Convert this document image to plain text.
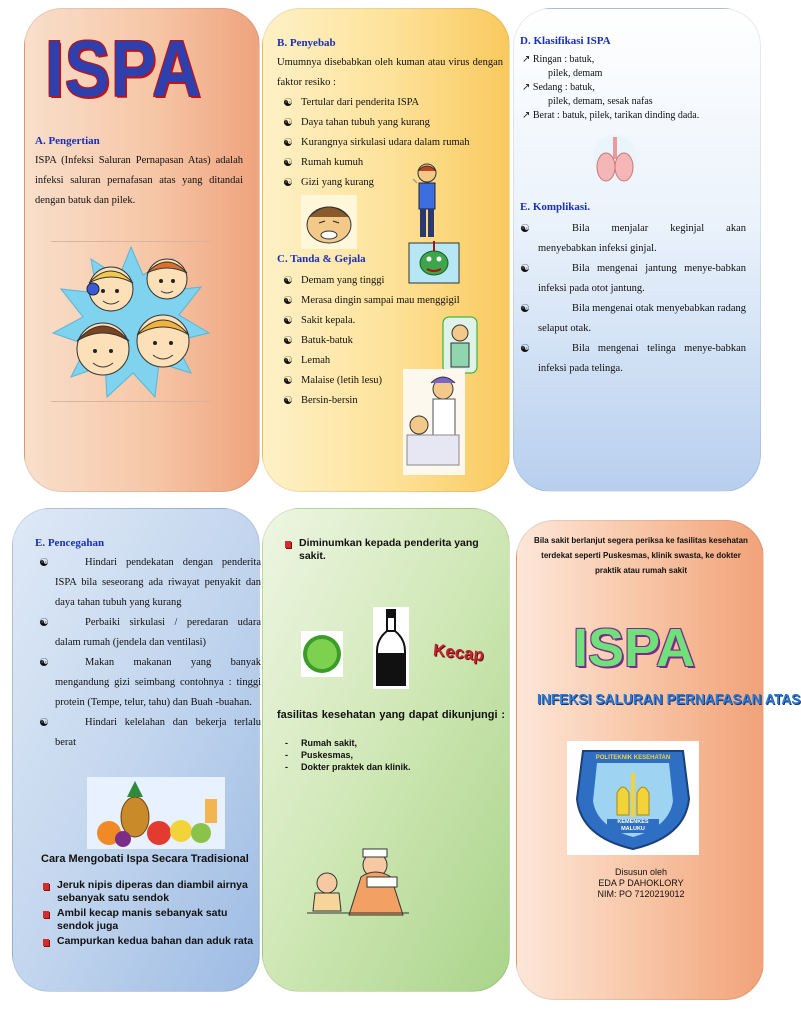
ISPA
A. Pengertian
ISPA (Infeksi Saluran Pernapasan Atas) adalah infeksi saluran pernafasan atas yang ditandai dengan batuk dan pilek.
B. Penyebab
Umumnya disebabkan oleh kuman atau virus dengan faktor resiko :
☯ Tertular dari penderita ISPA
☯ Daya tahan tubuh yang kurang
☯ Kurangnya sirkulasi udara dalam rumah
☯ Rumah kumuh
☯ Gizi yang kurang
C. Tanda & Gejala
☯ Demam yang tinggi
☯ Merasa dingin sampai mau menggigil
☯ Sakit kepala.
☯ Batuk-batuk
☯ Lemah
☯ Malaise (letih lesu)
☯ Bersin-bersin
D. Klasifikasi ISPA
↗ Ringan : batuk,
pilek, demam
↗ Sedang : batuk,
pilek, demam, sesak nafas
↗ Berat : batuk, pilek, tarikan dinding dada.
E. Komplikasi.
☯	Bila menjalar keginjal akan menyebabkan infeksi ginjal.
☯	Bila mengenai jantung menye-babkan infeksi pada otot jantung.
☯	Bila mengenai otak menyebabkan radang selaput otak.
☯	Bila mengenai telinga menye-babkan infeksi pada telinga.
E. Pencegahan
☯	Hindari pendekatan dengan penderita ISPA bila seseorang ada riwayat penyakit dan daya tahan tubuh yang kurang
☯	Perbaiki sirkulasi / peredaran udara dalam rumah (jendela dan ventilasi)
☯	Makan makanan yang banyak mengandung gizi seimbang contohnya : tinggi protein (Tempe, telur, tahu) dan Buah -buahan.
☯	Hindari kelelahan dan bekerja terlalu berat
Cara Mengobati Ispa Secara Tradisional
Jeruk nipis diperas dan diambil airnya sebanyak satu sendok
Ambil kecap manis sebanyak satu sendok juga
Campurkan kedua bahan dan aduk rata
Diminumkan kepada penderita yang sakit.
Kecap
fasilitas kesehatan yang dapat dikunjungi :
- Rumah sakit,
- Puskesmas,
- Dokter praktek dan klinik.
Bila sakit berlanjut segera periksa ke fasilitas kesehatan terdekat seperti Puskesmas, klinik swasta, ke dokter praktik atau rumah sakit
ISPA
INFEKSI SALURAN PERNAFASAN ATAS
POLITEKNIK KESEHATAN
KEMENKES
MALUKU
Disusun oleh
EDA P DAHOKLORY
NIM: PO 7120219012
